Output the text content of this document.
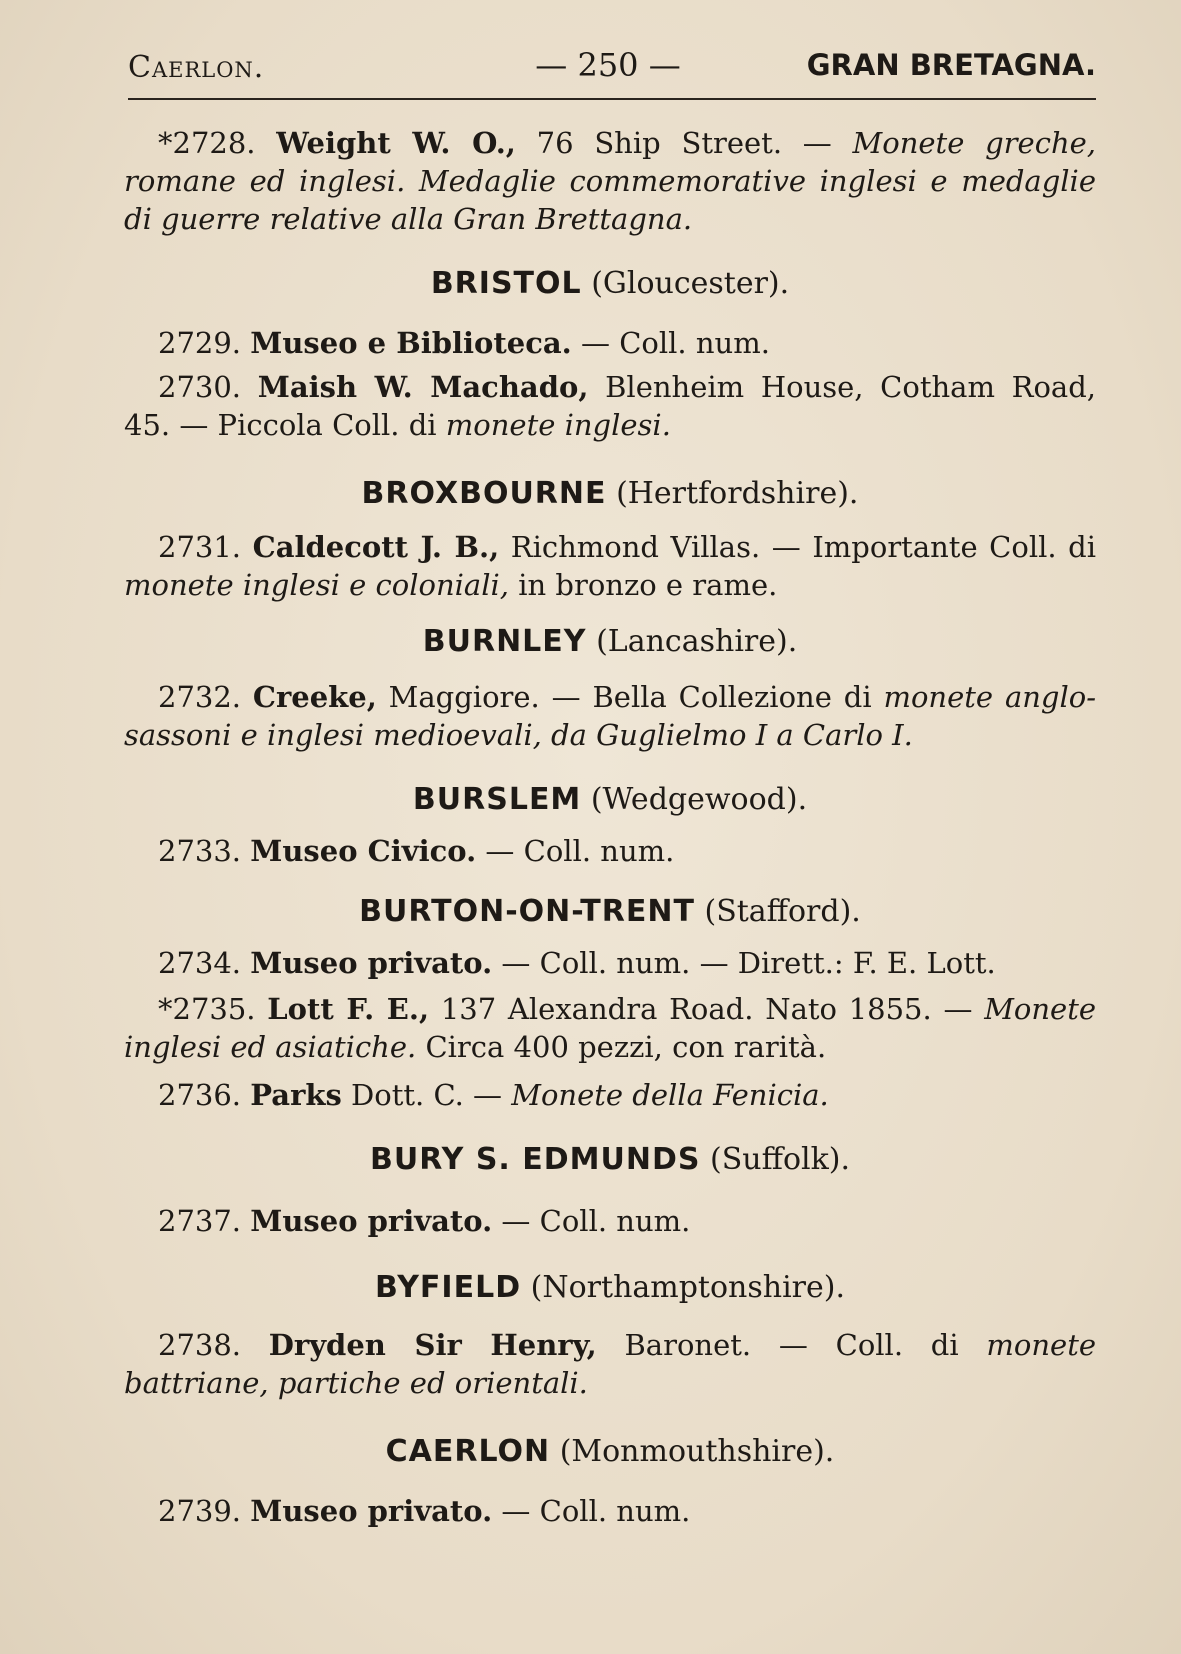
Caerlon.	— 250 —	GRAN BRETAGNA.

*2728. Weight W. O., 76 Ship Street. — Monete greche, romane ed inglesi. Medaglie commemorative inglesi e medaglie di guerre relative alla Gran Brettagna.

BRISTOL (Gloucester).

2729. Museo e Biblioteca. — Coll. num.

2730. Maish W. Machado, Blenheim House, Cotham Road, 45. — Piccola Coll. di monete inglesi.

BROXBOURNE (Hertfordshire).

2731. Caldecott J. B., Richmond Villas. — Importante Coll. di monete inglesi e coloniali, in bronzo e rame.

BURNLEY (Lancashire).

2732. Creeke, Maggiore. — Bella Collezione di monete anglo-sassoni e inglesi medioevali, da Guglielmo I a Carlo I.

BURSLEM (Wedgewood).

2733. Museo Civico. — Coll. num.

BURTON-ON-TRENT (Stafford).

2734. Museo privato. — Coll. num. — Dirett.: F. E. Lott.

*2735. Lott F. E., 137 Alexandra Road. Nato 1855. — Monete inglesi ed asiatiche. Circa 400 pezzi, con rarità.

2736. Parks Dott. C. — Monete della Fenicia.

BURY S. EDMUNDS (Suffolk).

2737. Museo privato. — Coll. num.

BYFIELD (Northamptonshire).

2738. Dryden Sir Henry, Baronet. — Coll. di monete battriane, partiche ed orientali.

CAERLON (Monmouthshire).

2739. Museo privato. — Coll. num.
